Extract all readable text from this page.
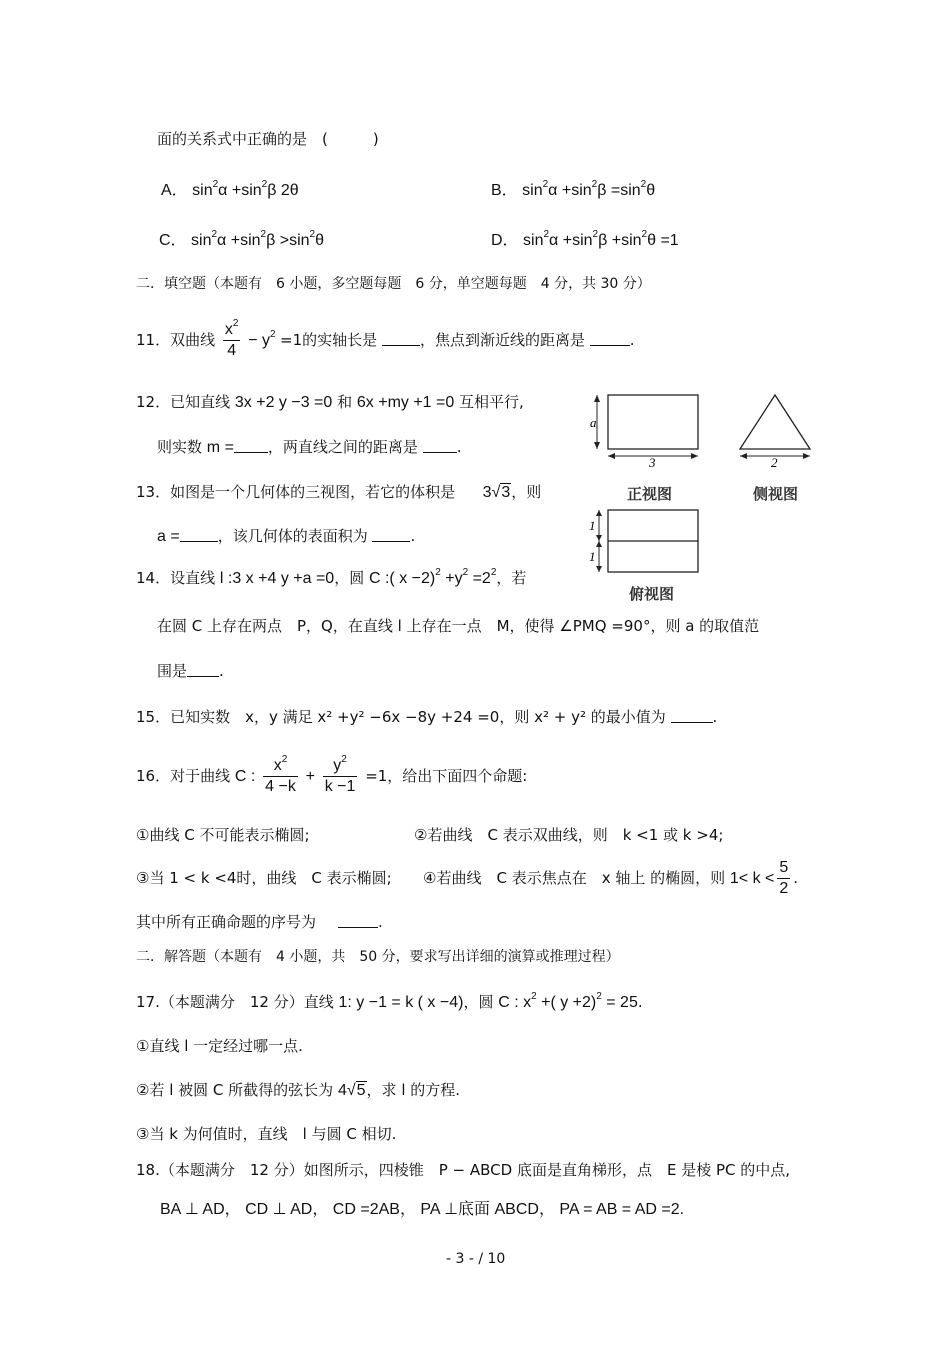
面的关系式中正确的是　(　　　)
A． $\sin^2\alpha +\sin^2\beta$ 2θ	B． $\sin^2\alpha +\sin^2\beta =\sin^2\theta$
C． $\sin^2\alpha +\sin^2\beta >\sin^2\theta$	D． $\sin^2\alpha +\sin^2\beta +\sin^2\theta =1$
二．填空题（本题有　6 小题，多空题每题　6 分，单空题每题　4 分，共 30 分）
11．双曲线 $\frac{x^2}{4} - y^2 =1$的实轴长是	，焦点到渐近线的距离是	.
12．已知直线 3x +2 y −3 =0 和 6x +my +1 =0 互相平行,
则实数 m = ，两直线之间的距离是	.
13．如图是一个几何体的三视图，若它的体积是 3√3，则
a =	，该几何体的表面积为	.
a
3	2
1
1
正视图	侧视图
俯视图
14．设直线 l :3 x +4 y +a =0，圆 C :( $x -2)^2 +y^2 =2^2$，若
在圆 C 上存在两点　P，Q，在直线 l 上存在一点　M，使得 ∠PMQ =90°，则 a 的取值范
围是 .
15．已知实数　x，y 满足 x² +y² −6x −8y +24 =0，则 x² + y² 的最小值为	.
16．对于曲线 C : $\frac{x^2}{4 -k} + \frac{y^2}{k -1} =1$，给出下面四个命题:
①曲线 C 不可能表示椭圆;	②若曲线　C 表示双曲线，则　k <1 或 k >4;
③当 1 < k <4时，曲线　C 表示椭圆; ④若曲线　C 表示焦点在　x 轴上 的椭圆，则 $1< k < \frac{5}{2}$ .
其中所有正确命题的序号为	.
二．解答题（本题有　4 小题，共　50 分，要求写出详细的演算或推理过程）
17.（本题满分　12 分）直线 1: y −1 = k ( x −4)，圆 C : $x^2$ +( y +2)$^2$ = 25.
①直线 l 一定经过哪一点.
②若 l 被圆 C 所截得的弦长为 4√5，求 l 的方程.
③当 k 为何值时，直线　l 与圆 C 相切.
18.（本题满分　12 分）如图所示，四棱锥　P − ABCD 底面是直角梯形，点　E 是棱 PC 的中点,
BA ⊥ AD， CD ⊥ AD， CD =2AB， PA ⊥底面 ABCD， PA = AB = AD =2.
- 3 - / 10
